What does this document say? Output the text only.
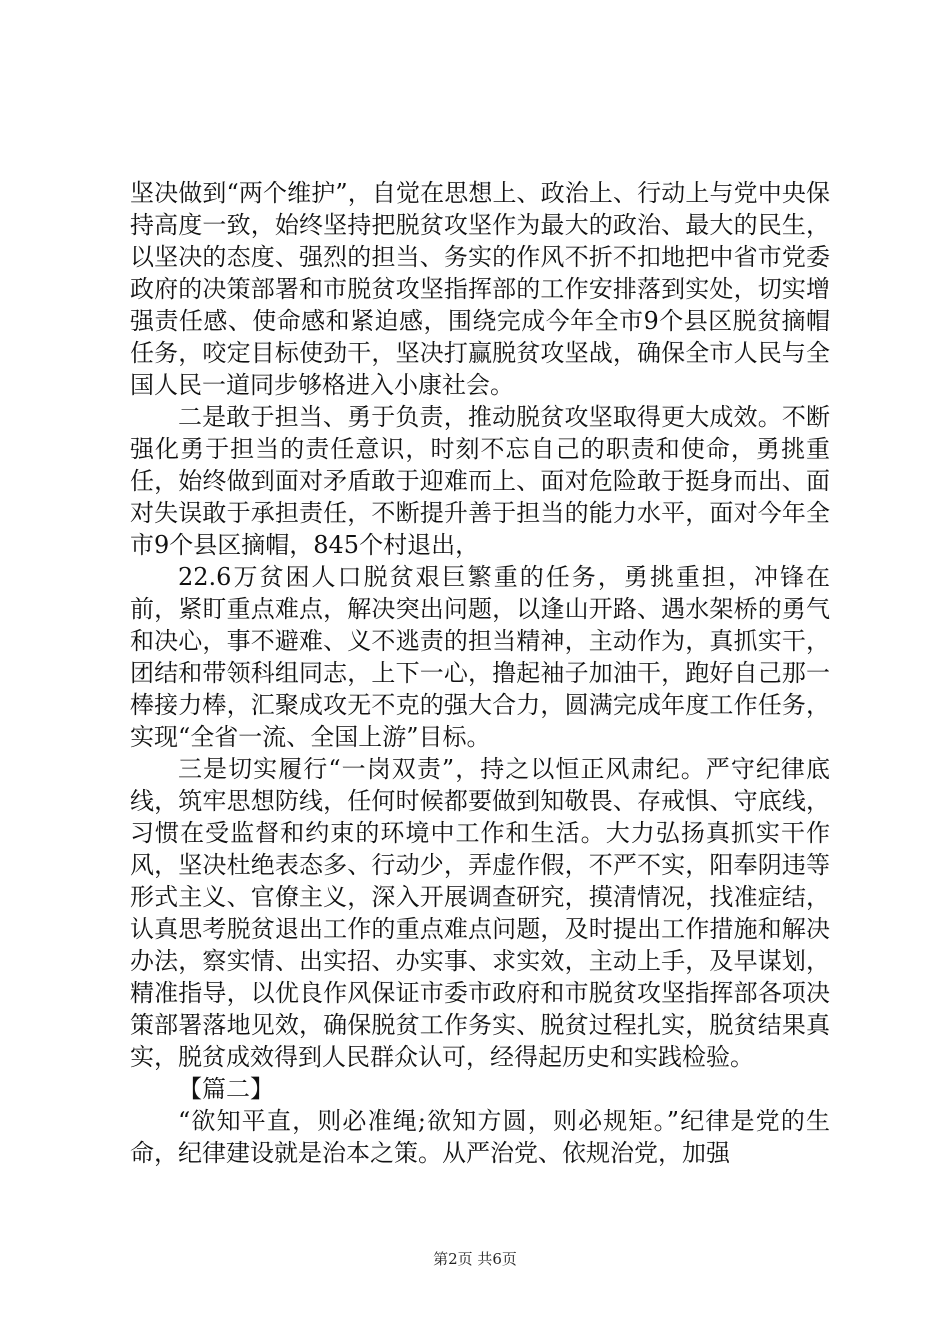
坚决做到“两个维护”，自觉在思想上、政治上、行动上与党中央保持高度一致，始终坚持把脱贫攻坚作为最大的政治、最大的民生，以坚决的态度、强烈的担当、务实的作风不折不扣地把中省市党委政府的决策部署和市脱贫攻坚指挥部的工作安排落到实处，切实增强责任感、使命感和紧迫感，围绕完成今年全市9个县区脱贫摘帽任务，咬定目标使劲干，坚决打赢脱贫攻坚战，确保全市人民与全国人民一道同步够格进入小康社会。

二是敢于担当、勇于负责，推动脱贫攻坚取得更大成效。不断强化勇于担当的责任意识，时刻不忘自己的职责和使命，勇挑重任，始终做到面对矛盾敢于迎难而上、面对危险敢于挺身而出、面对失误敢于承担责任，不断提升善于担当的能力水平，面对今年全市9个县区摘帽，845个村退出，

22.6万贫困人口脱贫艰巨繁重的任务，勇挑重担，冲锋在前，紧盯重点难点，解决突出问题，以逢山开路、遇水架桥的勇气和决心，事不避难、义不逃责的担当精神，主动作为，真抓实干，团结和带领科组同志，上下一心，撸起袖子加油干，跑好自己那一棒接力棒，汇聚成攻无不克的强大合力，圆满完成年度工作任务，实现“全省一流、全国上游”目标。

三是切实履行“一岗双责”，持之以恒正风肃纪。严守纪律底线，筑牢思想防线，任何时候都要做到知敬畏、存戒惧、守底线，习惯在受监督和约束的环境中工作和生活。大力弘扬真抓实干作风，坚决杜绝表态多、行动少，弄虚作假，不严不实，阳奉阴违等形式主义、官僚主义，深入开展调查研究，摸清情况，找准症结，认真思考脱贫退出工作的重点难点问题，及时提出工作措施和解决办法，察实情、出实招、办实事、求实效，主动上手，及早谋划，精准指导，以优良作风保证市委市政府和市脱贫攻坚指挥部各项决策部署落地见效，确保脱贫工作务实、脱贫过程扎实，脱贫结果真实，脱贫成效得到人民群众认可，经得起历史和实践检验。

【篇二】

“欲知平直，则必准绳;欲知方圆，则必规矩。”纪律是党的生命，纪律建设就是治本之策。从严治党、依规治党，加强

第2页 共6页
